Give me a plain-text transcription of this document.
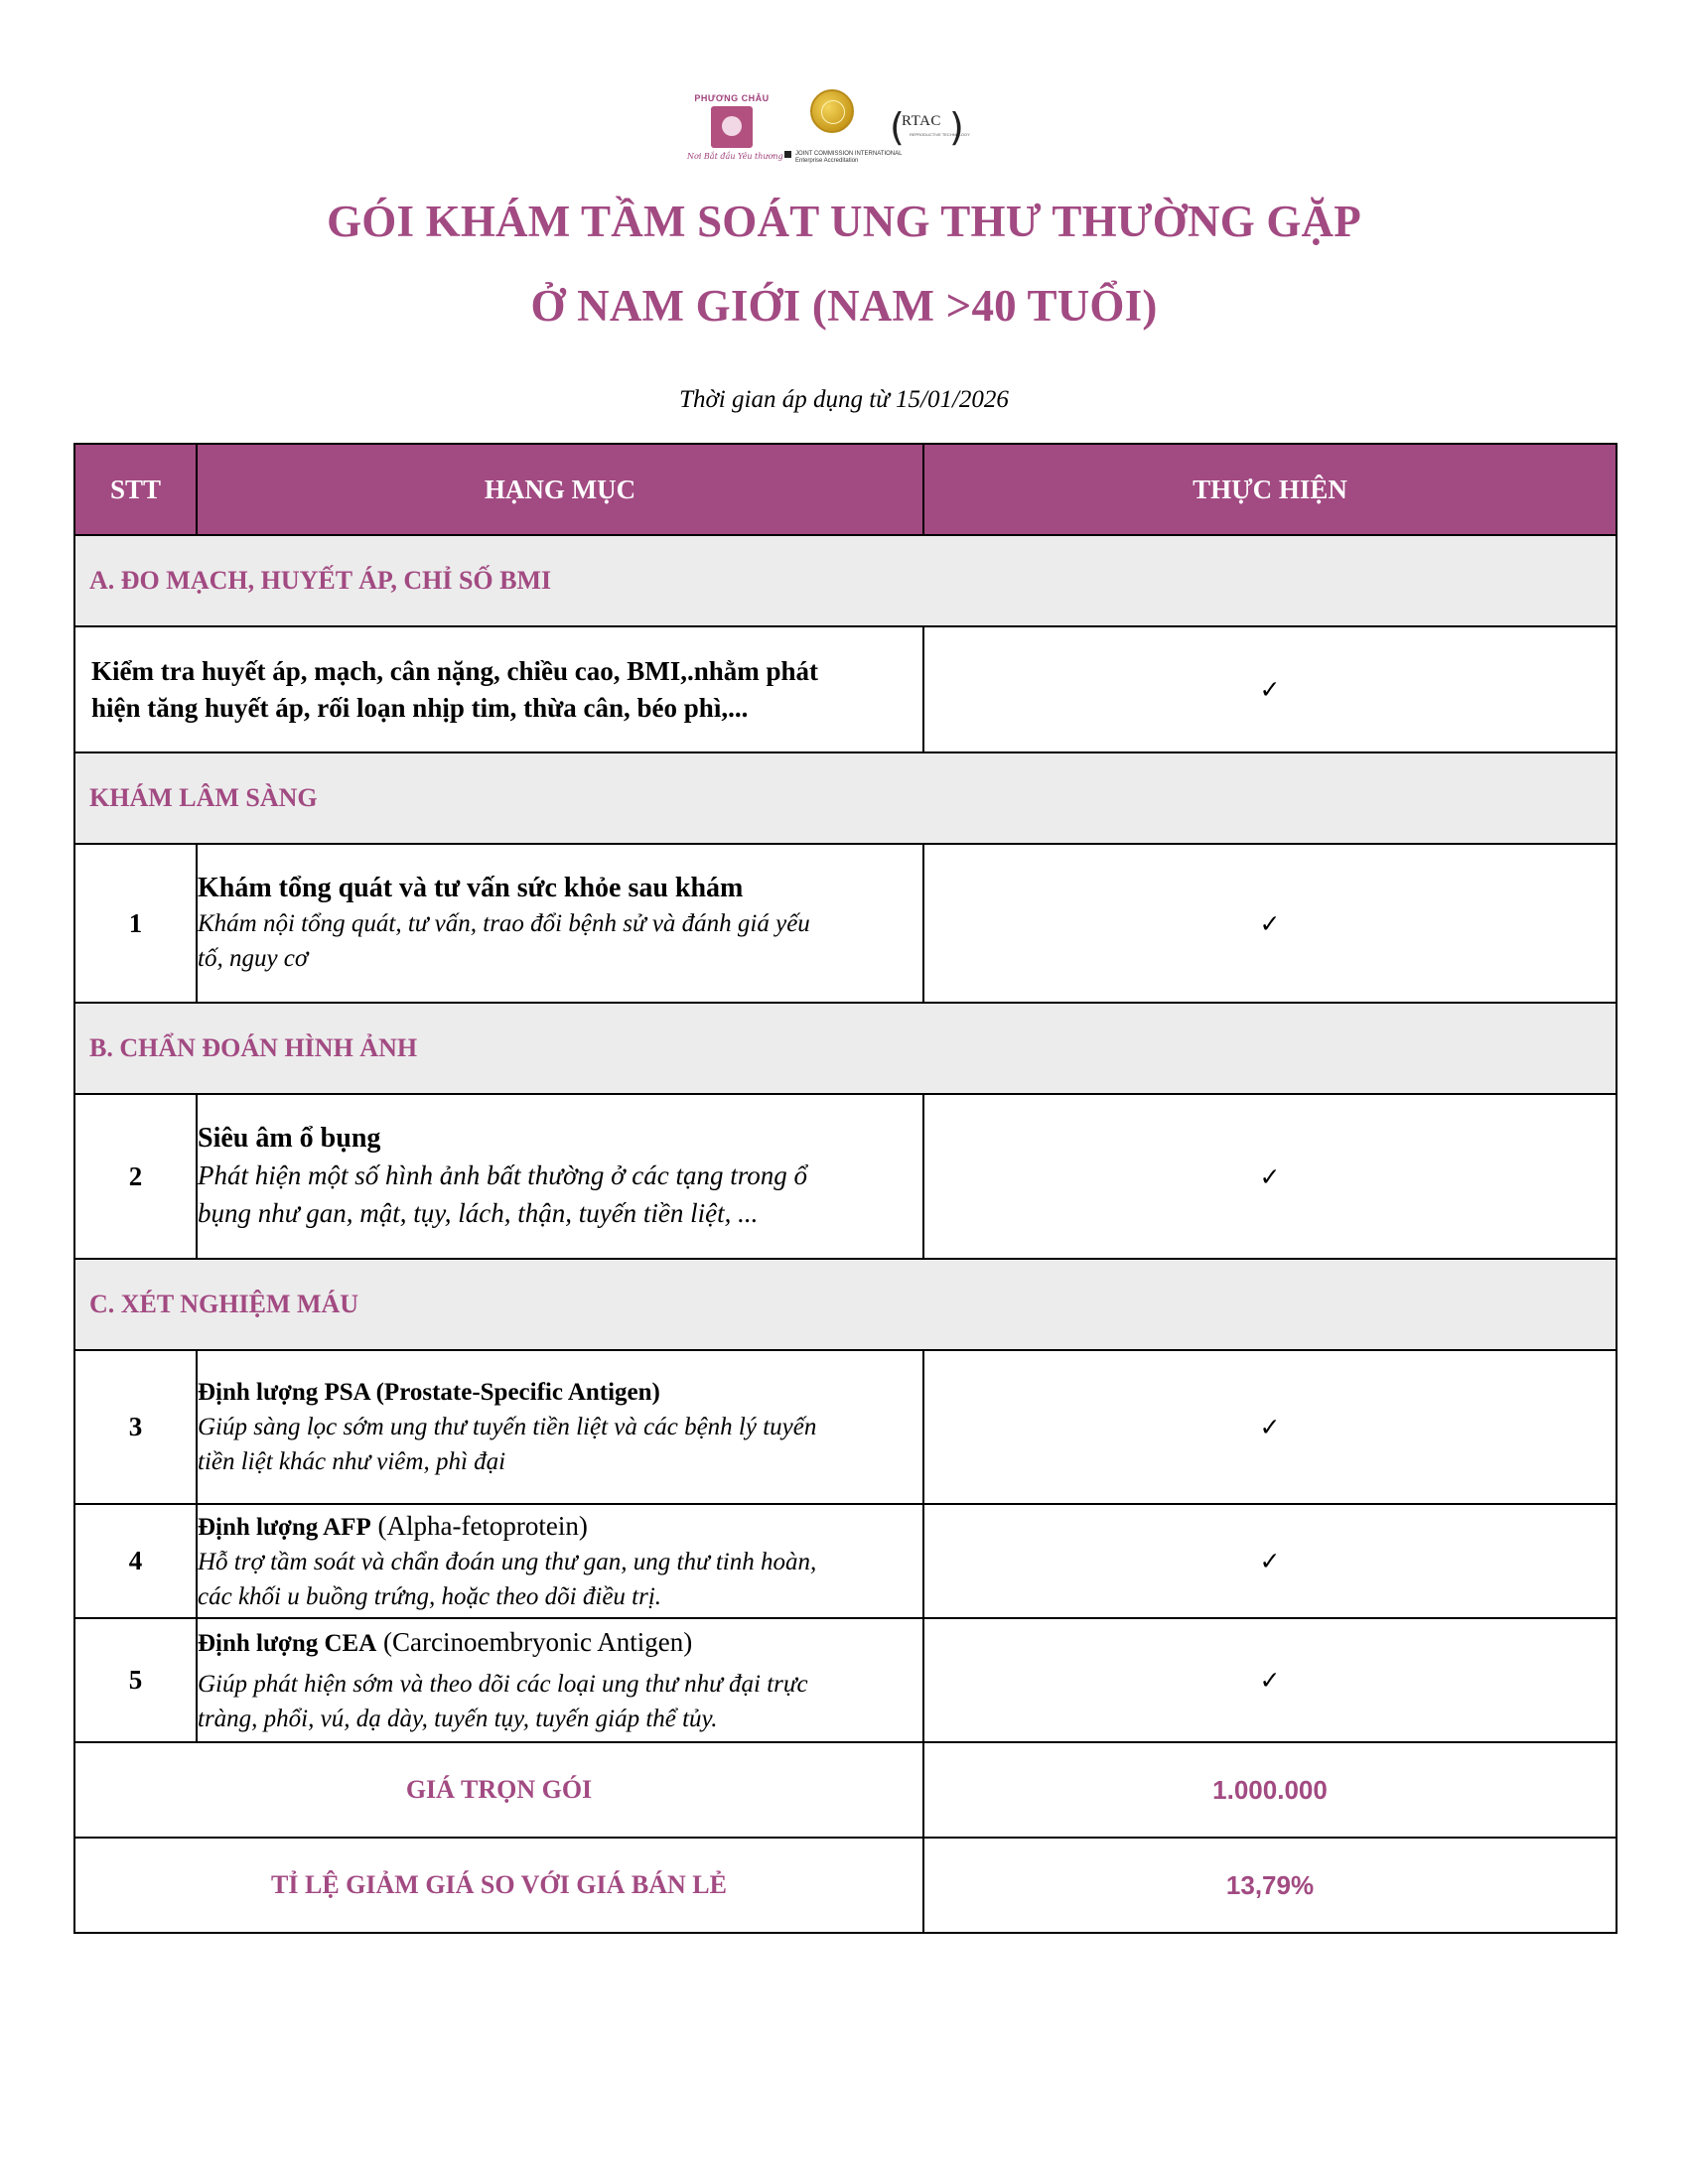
PHƯƠNG CHÂU
Nơi Bắt đầu Yêu thương	JOINT COMMISSION INTERNATIONAL
Enterprise Accreditation
(
RTAC
REPRODUCTIVE TECHNOLOGY
)
GÓI KHÁM TẦM SOÁT UNG THƯ THƯỜNG GẶP
Ở NAM GIỚI (NAM >40 TUỔI)
Thời gian áp dụng từ 15/01/2026
STT	HẠNG MỤC	THỰC HIỆN
A. ĐO MẠCH, HUYẾT ÁP, CHỈ SỐ BMI		

Kiểm tra huyết áp, mạch, cân nặng, chiều cao, BMI,.nhằm phát
hiện tăng huyết áp, rối loạn nhịp tim, thừa cân, béo phì,...		✓
KHÁM LÂM SÀNG		
1	Khám tổng quát và tư vấn sức khỏe sau khám
Khám nội tổng quát, tư vấn, trao đổi bệnh sử và đánh giá yếu
tố, nguy cơ	✓
B. CHẨN ĐOÁN HÌNH ẢNH		
2	Siêu âm ổ bụng
Phát hiện một số hình ảnh bất thường ở các tạng trong ổ
bụng như gan, mật, tụy, lách, thận, tuyến tiền liệt, ...	✓
C. XÉT NGHIỆM MÁU		
3	Định lượng PSA (Prostate-Specific Antigen)
Giúp sàng lọc sớm ung thư tuyến tiền liệt và các bệnh lý tuyến
tiền liệt khác như viêm, phì đại	✓
4	Định lượng AFP (Alpha-fetoprotein)
Hỗ trợ tầm soát và chẩn đoán ung thư gan, ung thư tinh hoàn,
các khối u buồng trứng, hoặc theo dõi điều trị.	✓
5	Định lượng CEA (Carcinoembryonic Antigen)
Giúp phát hiện sớm và theo dõi các loại ung thư như đại trực
tràng, phổi, vú, dạ dày, tuyến tụy, tuyến giáp thể tủy.	✓
GIÁ TRỌN GÓI		1.000.000
TỈ LỆ GIẢM GIÁ SO VỚI GIÁ BÁN LẺ		13,79%
